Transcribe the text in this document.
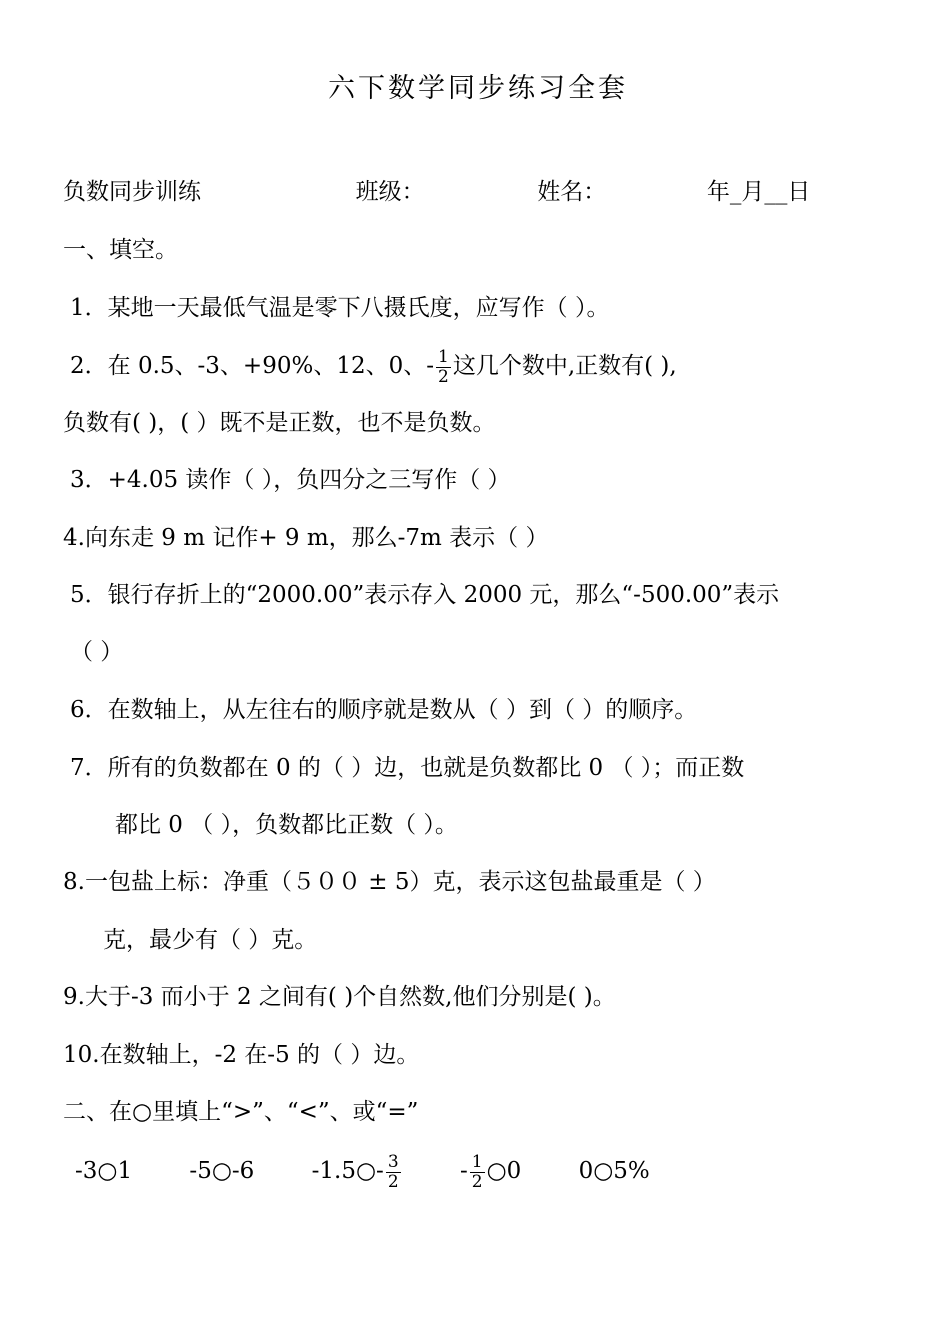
六下数学同步练习全套
负数同步训练	班级：	姓名：	年_月__日
一、填空。
1．某地一天最低气温是零下八摄氏度，应写作（ ）。
2．在 0.5、-3、+90%、12、0、- $\frac{1}{2}$ 这几个数中,正数有( ),
负数有( )，( ）既不是正数，也不是负数。
3．+4.05 读作（ ），负四分之三写作（ ）
4.向东走 9 m 记作+ 9 m，那么-7m 表示（ ）
5．银行存折上的“2000.00”表示存入 2000 元，那么“-500.00”表示
（ ）
6．在数轴上，从左往右的顺序就是数从（ ）到（ ）的顺序。
7．所有的负数都在 0 的（ ）边，也就是负数都比 0 （ ）；而正数
都比 0 （ ），负数都比正数（ ）。
8.一包盐上标：净重（５００ ± 5）克，表示这包盐最重是（ ）
克，最少有（ ）克。
9.大于-3 而小于 2 之间有( )个自然数,他们分别是( )。
10.在数轴上，-2 在-5 的（ ）边。
二、在○里填上“>”、“<”、或“=”
-3○1 -5○-6 -1.5○- $\frac{3}{2}$	- $\frac{1}{2}$ ○0 0○5%
